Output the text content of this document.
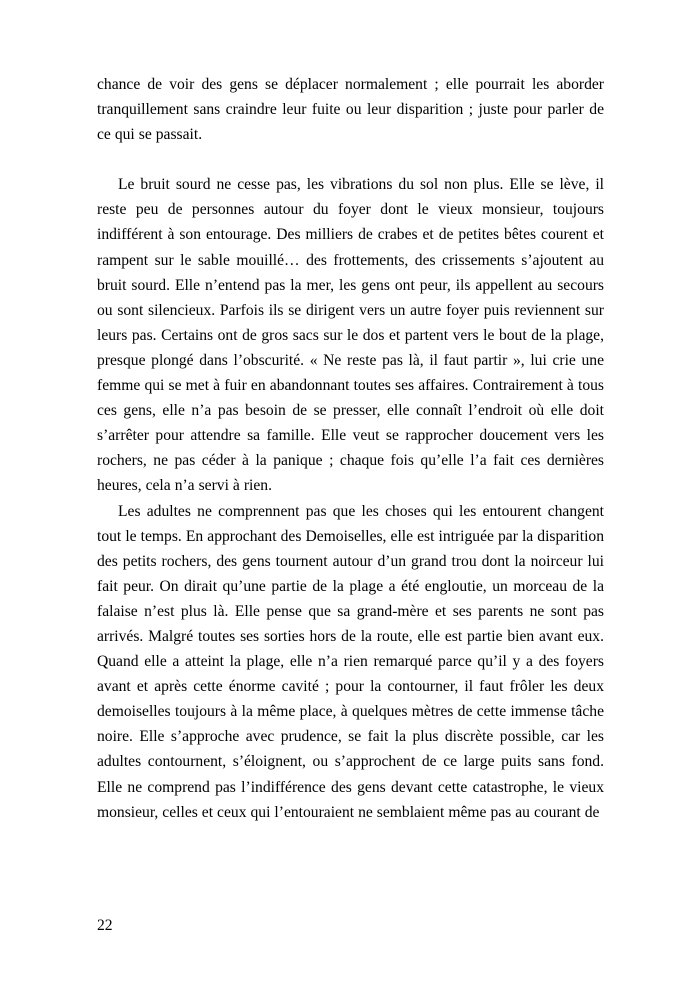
chance de voir des gens se déplacer normalement ; elle pourrait les aborder tranquillement sans craindre leur fuite ou leur disparition ; juste pour parler de ce qui se passait.

Le bruit sourd ne cesse pas, les vibrations du sol non plus. Elle se lève, il reste peu de personnes autour du foyer dont le vieux monsieur, toujours indifférent à son entourage. Des milliers de crabes et de petites bêtes courent et rampent sur le sable mouillé… des frottements, des crissements s’ajoutent au bruit sourd. Elle n’entend pas la mer, les gens ont peur, ils appellent au secours ou sont silencieux. Parfois ils se dirigent vers un autre foyer puis reviennent sur leurs pas. Certains ont de gros sacs sur le dos et partent vers le bout de la plage, presque plongé dans l’obscurité. « Ne reste pas là, il faut partir », lui crie une femme qui se met à fuir en abandonnant toutes ses affaires. Contrairement à tous ces gens, elle n’a pas besoin de se presser, elle connaît l’endroit où elle doit s’arrêter pour attendre sa famille. Elle veut se rapprocher doucement vers les rochers, ne pas céder à la panique ; chaque fois qu’elle l’a fait ces dernières heures, cela n’a servi à rien.

Les adultes ne comprennent pas que les choses qui les entourent changent tout le temps. En approchant des Demoiselles, elle est intriguée par la disparition des petits rochers, des gens tournent autour d’un grand trou dont la noirceur lui fait peur. On dirait qu’une partie de la plage a été engloutie, un morceau de la falaise n’est plus là. Elle pense que sa grand-mère et ses parents ne sont pas arrivés. Malgré toutes ses sorties hors de la route, elle est partie bien avant eux. Quand elle a atteint la plage, elle n’a rien remarqué parce qu’il y a des foyers avant et après cette énorme cavité ; pour la contourner, il faut frôler les deux demoiselles toujours à la même place, à quelques mètres de cette immense tâche noire. Elle s’approche avec prudence, se fait la plus discrète possible, car les adultes contournent, s’éloignent, ou s’approchent de ce large puits sans fond. Elle ne comprend pas l’indifférence des gens devant cette catastrophe, le vieux monsieur, celles et ceux qui l’entouraient ne semblaient même pas au courant de

22
